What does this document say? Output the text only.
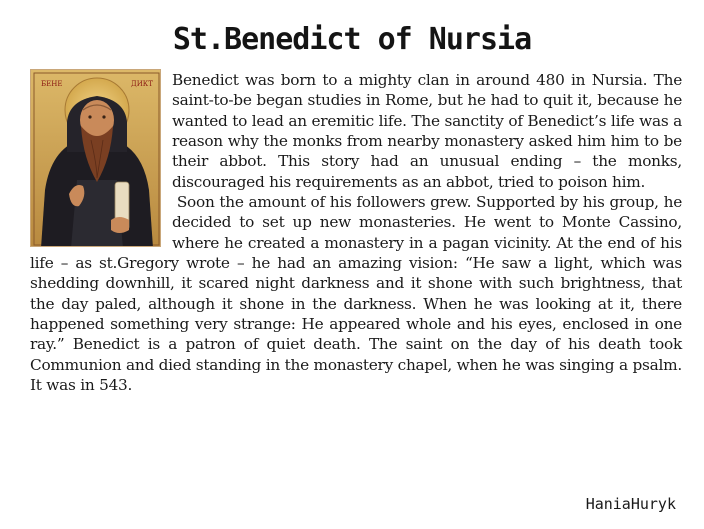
St.Benedict of Nursia
БЕНЕ	ДИКТ	Benedict was born to a mighty clan in around 480 in Nursia. The saint-to-be began studies in Rome, but he had to quit it, because he wanted to lead an eremitic life. The sanctity of Benedict’s life was a reason why the monks from nearby monastery asked him him to be their abbot. This story had an unusual ending – the monks, discouraged his requirements as an abbot, tried to poison him.
Soon the amount of his followers grew. Supported by his group, he decided to set up new monasteries. He went to Monte Cassino, where he created a monastery in a pagan vicinity. At the end of his life – as st.Gregory wrote – he had an amazing vision: “He saw a light, which was shedding downhill, it scared night darkness and it shone with such brightness, that the day paled, although it shone in the darkness. When he was looking at it, there happened something very strange: He appeared whole and his eyes, enclosed in one ray.” Benedict is a patron of quiet death. The saint on the day of his death took Communion and died standing in the monastery chapel, when he was singing a psalm. It was in 543.
HaniaHuryk
